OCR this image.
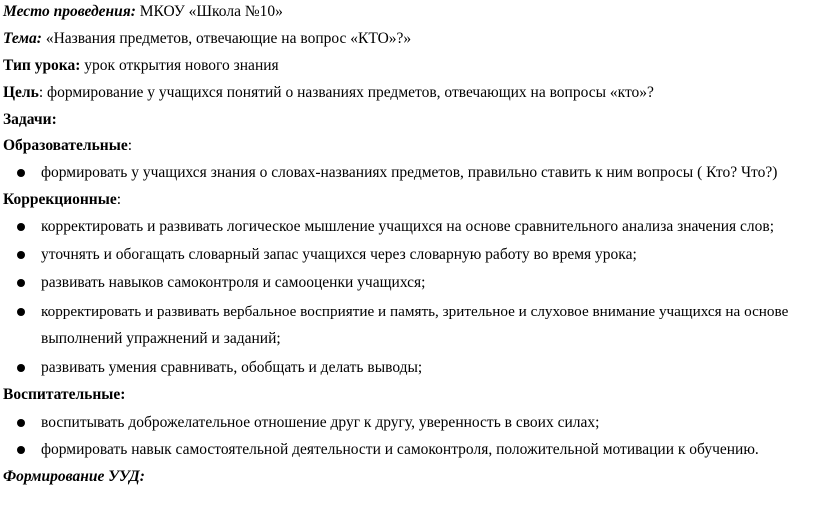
Место проведения: МКОУ «Школа №10»
Тема: «Названия предметов, отвечающие на вопрос «КТО»?»
Тип урока: урок открытия нового знания
Цель: формирование у учащихся понятий о названиях предметов, отвечающих на вопросы «кто»?
Задачи:
Образовательные:
формировать у учащихся знания о словах-названиях предметов, правильно ставить к ним вопросы ( Кто? Что?)
Коррекционные:
корректировать и развивать логическое мышление учащихся на основе сравнительного анализа значения слов;
уточнять и обогащать словарный запас учащихся через словарную работу во время урока;
развивать навыков самоконтроля и самооценки учащихся;
корректировать и развивать вербальное восприятие и память, зрительное и слуховое внимание учащихся на основе
выполнений упражнений и заданий;
развивать умения сравнивать, обобщать и делать выводы;
Воспитательные:
воспитывать доброжелательное отношение друг к другу, уверенность в своих силах;
формировать навык самостоятельной деятельности и самоконтроля, положительной мотивации к обучению.
Формирование УУД:
